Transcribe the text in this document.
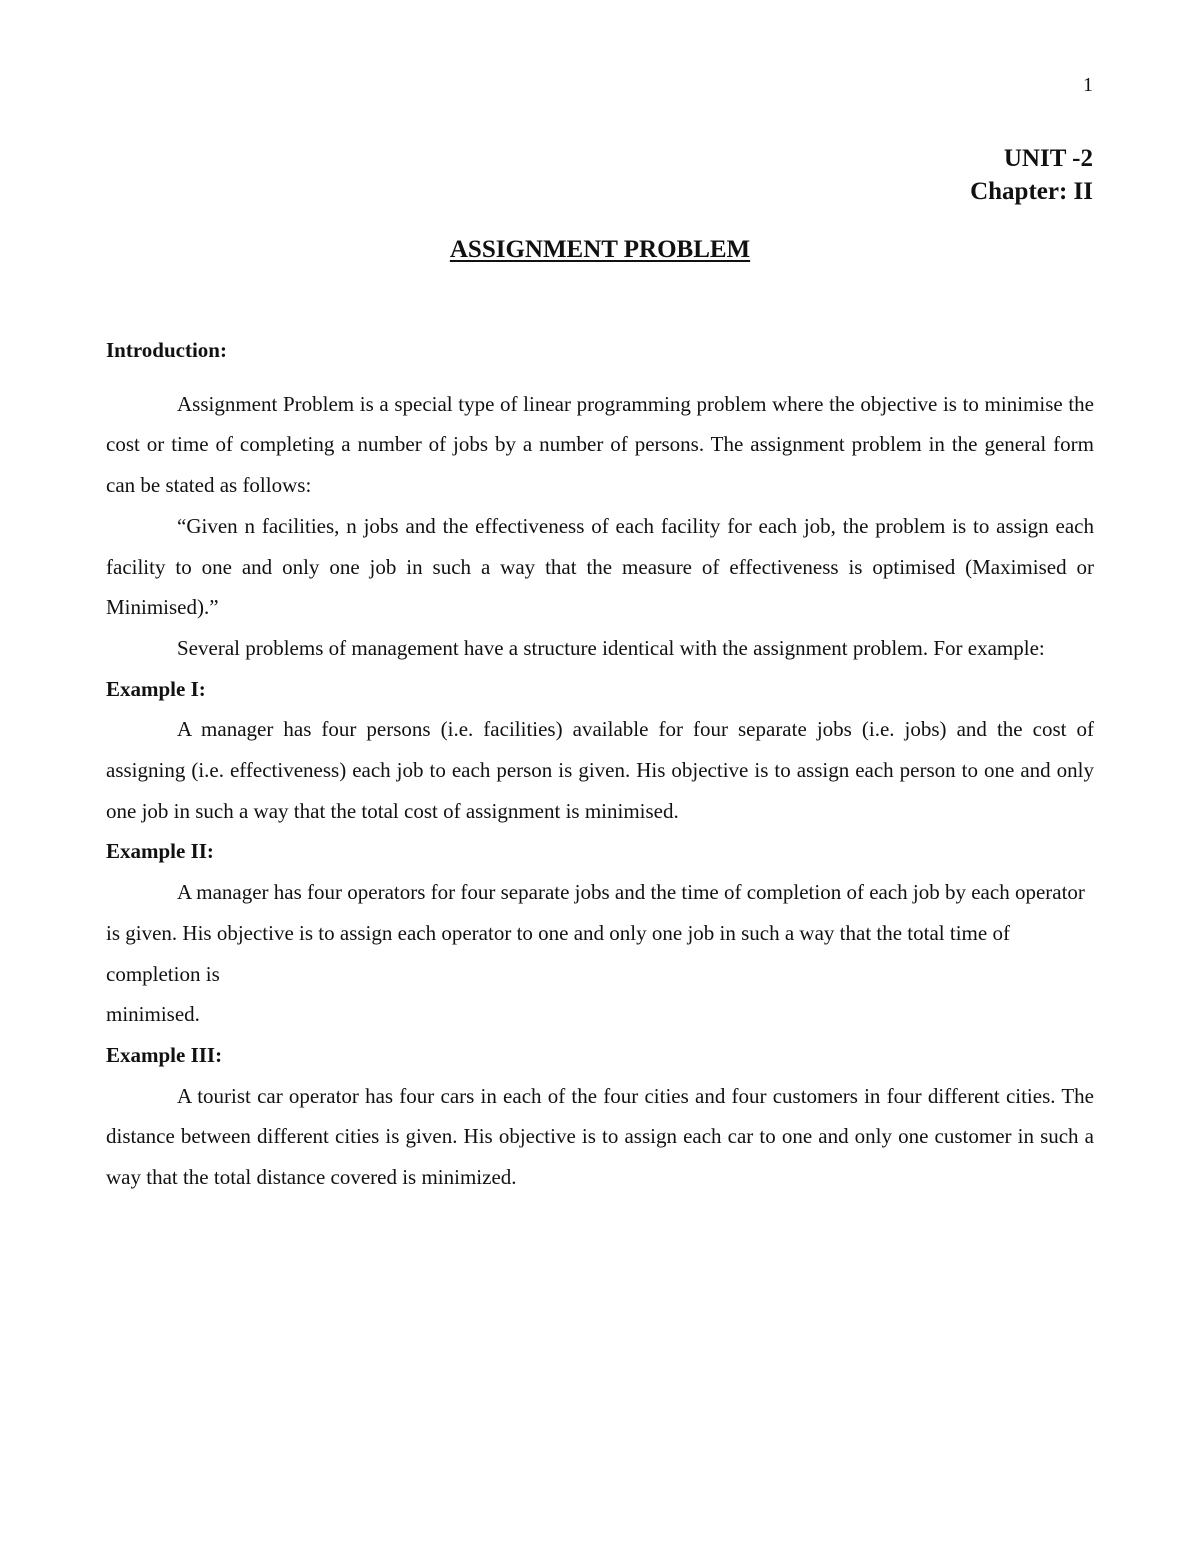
1
UNIT -2
Chapter: II
ASSIGNMENT PROBLEM

Introduction:

Assignment Problem is a special type of linear programming problem where the objective is to minimise the cost or time of completing a number of jobs by a number of persons. The assignment problem in the general form can be stated as follows:

“Given n facilities, n jobs and the effectiveness of each facility for each job, the problem is to assign each facility to one and only one job in such a way that the measure of effectiveness is optimised (Maximised or Minimised).”

Several problems of management have a structure identical with the assignment problem. For example:

Example I:

A manager has four persons (i.e. facilities) available for four separate jobs (i.e. jobs) and the cost of assigning (i.e. effectiveness) each job to each person is given. His objective is to assign each person to one and only one job in such a way that the total cost of assignment is minimised.

Example II:

A manager has four operators for four separate jobs and the time of completion of each job by each operator is given. His objective is to assign each operator to one and only one job in such a way that the total time of completion is

minimised.

Example III:

A tourist car operator has four cars in each of the four cities and four customers in four different cities. The distance between different cities is given. His objective is to assign each car to one and only one customer in such a way that the total distance covered is minimized.
